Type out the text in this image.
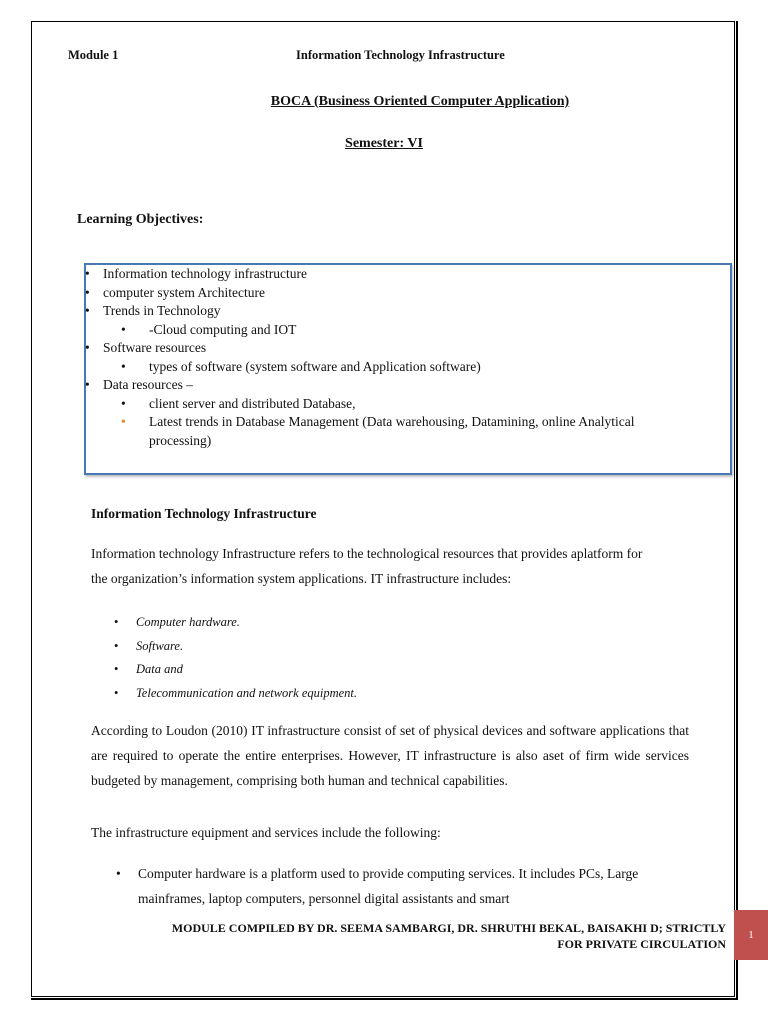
Module 1	Information Technology Infrastructure
BOCA (Business Oriented Computer Application)
Semester: VI
Learning Objectives:
• Information technology infrastructure
• computer system Architecture
• Trends in Technology
• -Cloud computing and IOT
• Software resources
• types of software (system software and Application software)
• Data resources –
• client server and distributed Database,
• Latest trends in Database Management (Data warehousing, Datamining, online Analytical processing)
Information Technology Infrastructure
Information technology Infrastructure refers to the technological resources that provides aplatform for the organization’s information system applications. IT infrastructure includes:
• Computer hardware.
• Software.
• Data and
• Telecommunication and network equipment.
According to Loudon (2010) IT infrastructure consist of set of physical devices and software applications that are required to operate the entire enterprises. However, IT infrastructure is also aset of firm wide services budgeted by management, comprising both human and technical capabilities.
The infrastructure equipment and services include the following:
• Computer hardware is a platform used to provide computing services. It includes PCs, Large mainframes, laptop computers, personnel digital assistants and smart
MODULE COMPILED BY DR. SEEMA SAMBARGI, DR. SHRUTHI BEKAL, BAISAKHI D; STRICTLY
FOR PRIVATE CIRCULATION
1
